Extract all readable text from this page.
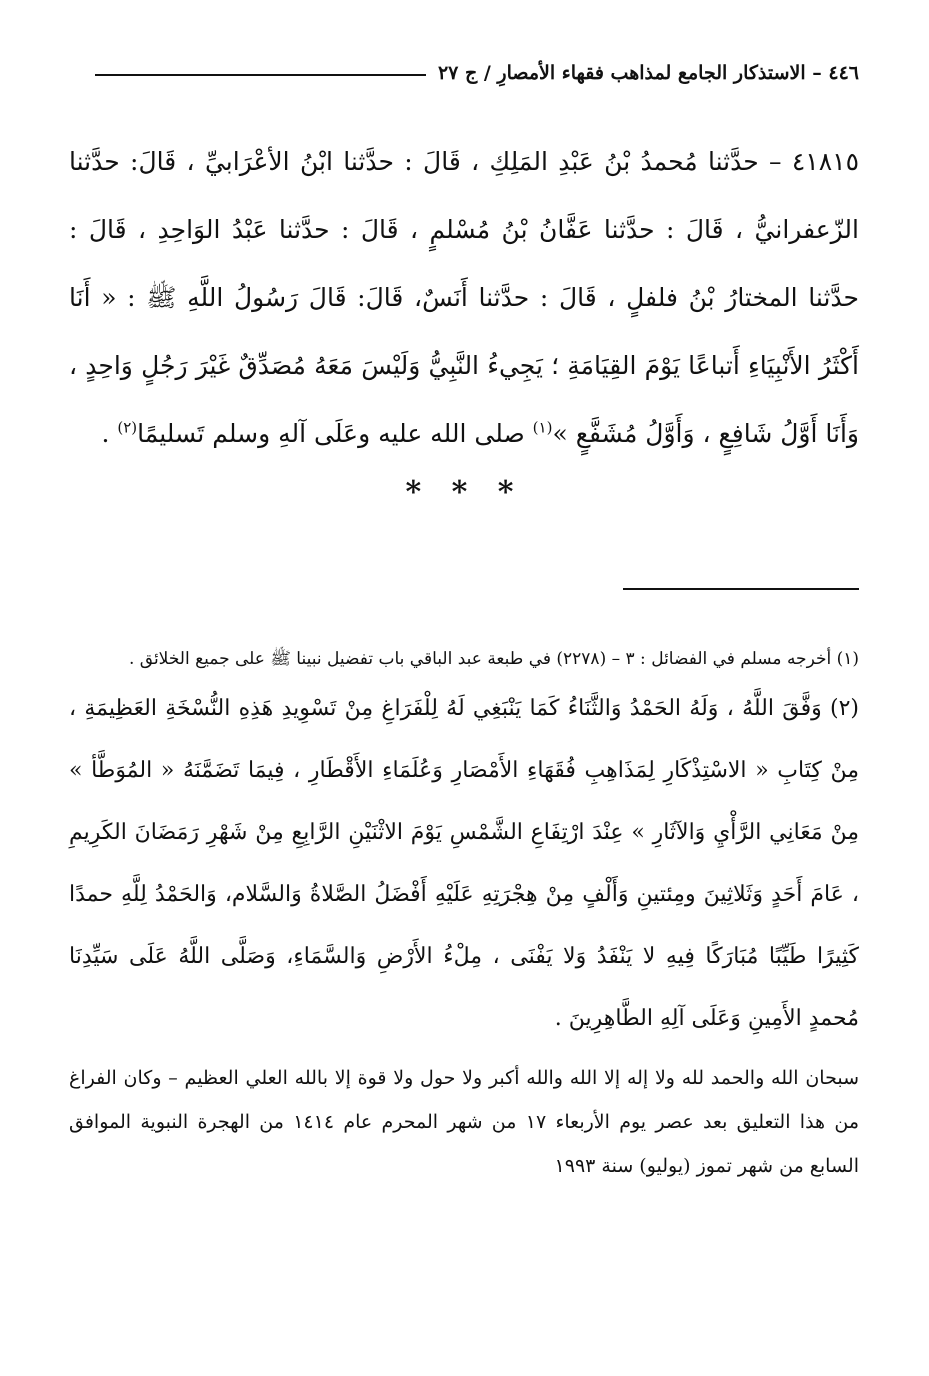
٤٤٦ – الاستذكار الجامع لمذاهب فقهاء الأمصارِ / ج ٢٧
٤١٨١٥ – حدَّثنا مُحمدُ بْنُ عَبْدِ المَلِكِ ، قَالَ : حدَّثنا ابْنُ الأعْرَابيِّ ، قَالَ: حدَّثنا الزّعفرانيُّ ، قَالَ : حدَّثنا عَفَّانُ بْنُ مُسْلمٍ ، قَالَ : حدَّثنا عَبْدُ الوَاحِدِ ، قَالَ : حدَّثنا المختارُ بْنُ فلفلٍ ، قَالَ : حدَّثنا أَنَسٌ، قَالَ: قَالَ رَسُولُ اللَّهِ ﷺ : « أَنَا أَكْثَرُ الأَنْبِيَاءِ أَتباعًا يَوْمَ القِيَامَةِ ؛ يَجِيءُ النَّبِيُّ وَلَيْسَ مَعَهُ مُصَدِّقٌ غَيْرَ رَجُلٍ وَاحِدٍ ، وَأَنَا أَوَّلُ شَافِعٍ ، وَأَوَّلُ مُشَفَّعٍ »$^{(١)}$ صلى الله عليه وعَلَى آلهِ وسلم تَسليمًا$^{(٢)}$ .
* * *

(١) أخرجه مسلم في الفضائل : ٣ – (٢٢٧٨) في طبعة عبد الباقي باب تفضيل نبينا ﷺ على جميع الخلائق .

(٢) وَفَّقَ اللَّهُ ، وَلَهُ الحَمْدُ وَالثَّنَاءُ كَمَا يَنْبَغِي لَهُ لِلْفَرَاغِ مِنْ تَسْوِيدِ هَذِهِ النُّسْخَةِ العَظِيمَةِ ، مِنْ كِتَابِ « الاسْتِذْكَارِ لِمَذَاهِبِ فُقَهَاءِ الأَمْصَارِ وَعُلَمَاءِ الأَقْطَارِ ، فِيمَا تَضَمَّنَهُ « المُوَطَّأ » مِنْ مَعَانِي الرَّأْيِ وَالآثَارِ » عِنْدَ ارْتِفَاعِ الشَّمْسِ يَوْمَ الاثْنَيْنِ الرَّابِعِ مِنْ شَهْرِ رَمَضَانَ الكَرِيمِ ، عَامَ أَحَدٍ وَثَلاثِينَ ومِئتينِ وَأَلْفٍ مِنْ هِجْرَتِهِ عَلَيْهِ أَفْضَلُ الصَّلاةُ وَالسَّلام، وَالحَمْدُ لِلَّهِ حمدًا كَثِيرًا طَيِّبًا مُبَارَكًا فِيهِ لا يَنْفَدُ وَلا يَفْنَى ، مِلْءُ الأَرْضِ وَالسَّمَاءِ، وَصَلَّى اللَّهُ عَلَى سَيِّدِنَا مُحمدٍ الأَمِينِ وَعَلَى آلِهِ الطَّاهِرِينَ .

سبحان الله والحمد لله ولا إله إلا الله والله أكبر ولا حول ولا قوة إلا بالله العلي العظيم – وكان الفراغ من هذا التعليق بعد عصر يوم الأربعاء ١٧ من شهر المحرم عام ١٤١٤ من الهجرة النبوية الموافق السابع من شهر تموز (يوليو) سنة ١٩٩٣
